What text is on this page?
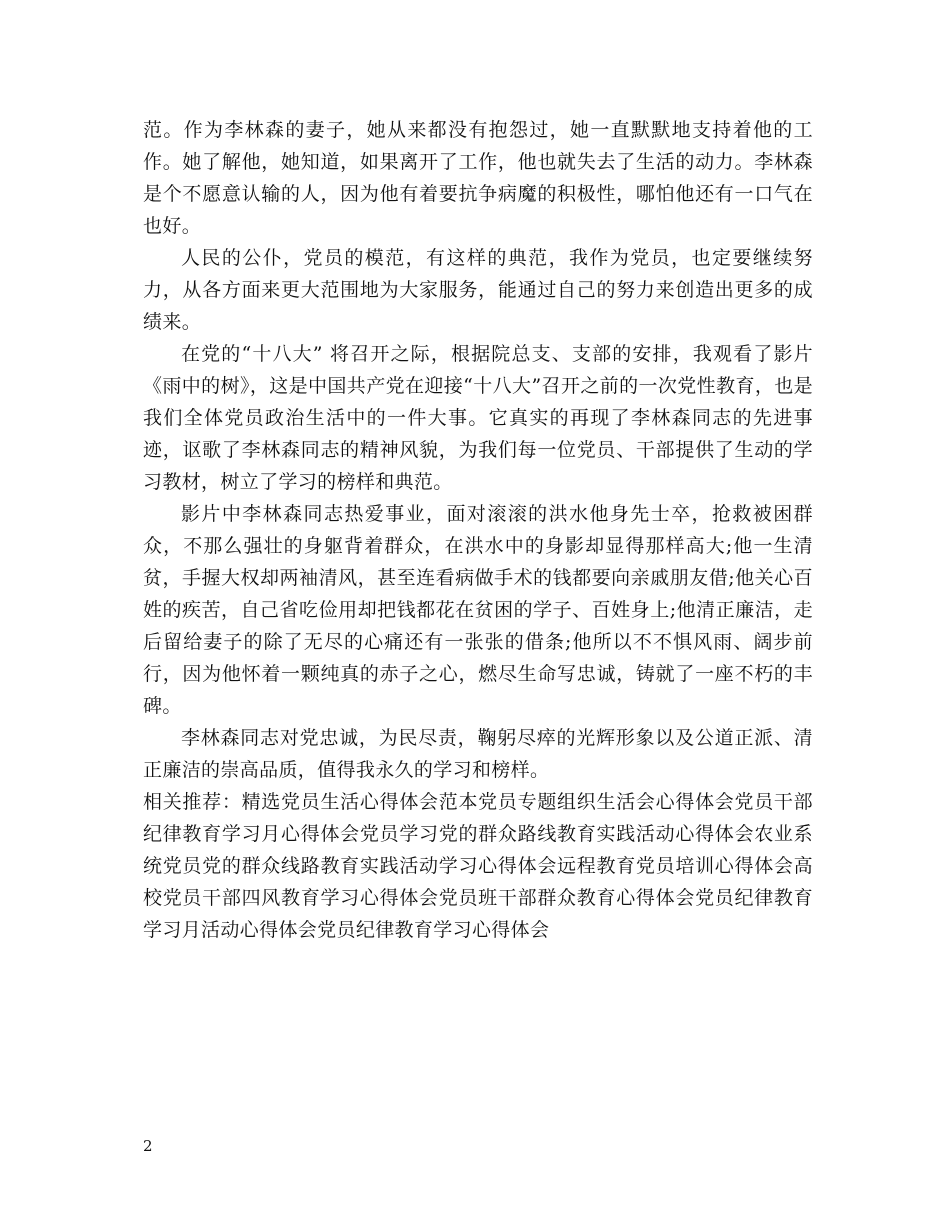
范。作为李林森的妻子，她从来都没有抱怨过，她一直默默地支持着他的工作。她了解他，她知道，如果离开了工作，他也就失去了生活的动力。李林森是个不愿意认输的人，因为他有着要抗争病魔的积极性，哪怕他还有一口气在也好。

人民的公仆，党员的模范，有这样的典范，我作为党员，也定要继续努力，从各方面来更大范围地为大家服务，能通过自己的努力来创造出更多的成绩来。

在党的“十八大” 将召开之际，根据院总支、支部的安排，我观看了影片《雨中的树》，这是中国共产党在迎接“十八大”召开之前的一次党性教育，也是我们全体党员政治生活中的一件大事。它真实的再现了李林森同志的先进事迹，讴歌了李林森同志的精神风貌，为我们每一位党员、干部提供了生动的学习教材，树立了学习的榜样和典范。

影片中李林森同志热爱事业，面对滚滚的洪水他身先士卒，抢救被困群众，不那么强壮的身躯背着群众，在洪水中的身影却显得那样高大;他一生清贫，手握大权却两袖清风，甚至连看病做手术的钱都要向亲戚朋友借;他关心百姓的疾苦，自己省吃俭用却把钱都花在贫困的学子、百姓身上;他清正廉洁，走后留给妻子的除了无尽的心痛还有一张张的借条;他所以不不惧风雨、阔步前行，因为他怀着一颗纯真的赤子之心，燃尽生命写忠诚，铸就了一座不朽的丰碑。

李林森同志对党忠诚，为民尽责，鞠躬尽瘁的光辉形象以及公道正派、清正廉洁的崇高品质，值得我永久的学习和榜样。

相关推荐：精选党员生活心得体会范本党员专题组织生活会心得体会党员干部纪律教育学习月心得体会党员学习党的群众路线教育实践活动心得体会农业系统党员党的群众线路教育实践活动学习心得体会远程教育党员培训心得体会高校党员干部四风教育学习心得体会党员班干部群众教育心得体会党员纪律教育学习月活动心得体会党员纪律教育学习心得体会

2
